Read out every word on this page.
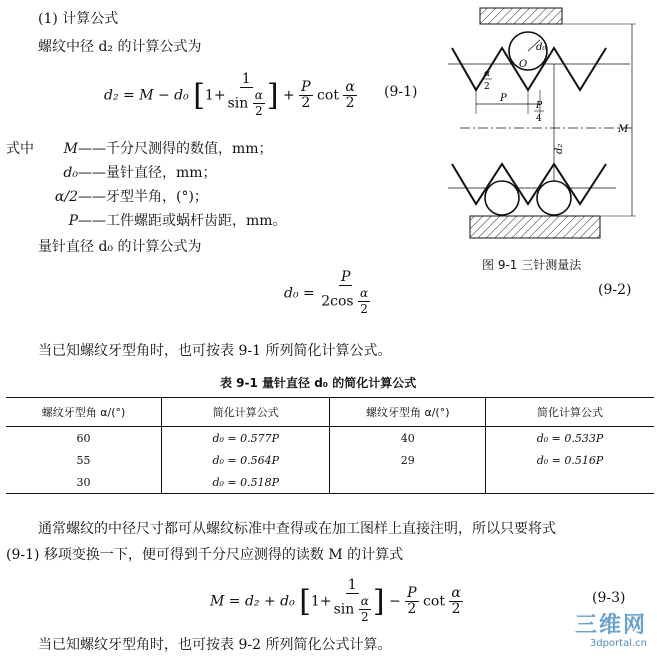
(1) 计算公式
螺纹中径 d₂ 的计算公式为
d₂ = M − d₀ [$1+ \frac{1}{\sin \frac{\alpha}{2}}$ ] + $\frac{P}{2}$ $\cot \frac{\alpha}{2} (9-1)$
式中	M——千分尺测得的数值，mm；
d₀——量针直径，mm；
α/2——牙型半角，(°)；
P——工件螺距或蜗杆齿距，mm。
量针直径 d₀ 的计算公式为
$d_0 = \frac{P}{2\cos \frac{\alpha}{2}}$	(9-2)
d₀
O
α
2
P
P
4
d₂
M
图 9-1 三针测量法
当已知螺纹牙型角时，也可按表 9-1 所列简化计算公式。
表 9-1 量针直径 d₀ 的简化计算公式
螺纹牙型角 α/(°)	简化计算公式	螺纹牙型角 α/(°)	简化计算公式
60	d₀ = 0.577P	40	d₀ = 0.533P
55	d₀ = 0.564P	29	d₀ = 0.516P
30	d₀ = 0.518P		
通常螺纹的中径尺寸都可从螺纹标准中查得或在加工图样上直接注明，所以只要将式
(9-1) 移项变换一下，便可得到千分尺应测得的读数 M 的计算式
M = d₂ + d₀ [$1+ \frac{1}{\sin \frac{\alpha}{2}}$ ] − $\frac{P}{2}$ $\cot \frac{\alpha}{2}$	(9-3)
当已知螺纹牙型角时，也可按表 9-2 所列简化公式计算。
三维网
3dportal.cn
